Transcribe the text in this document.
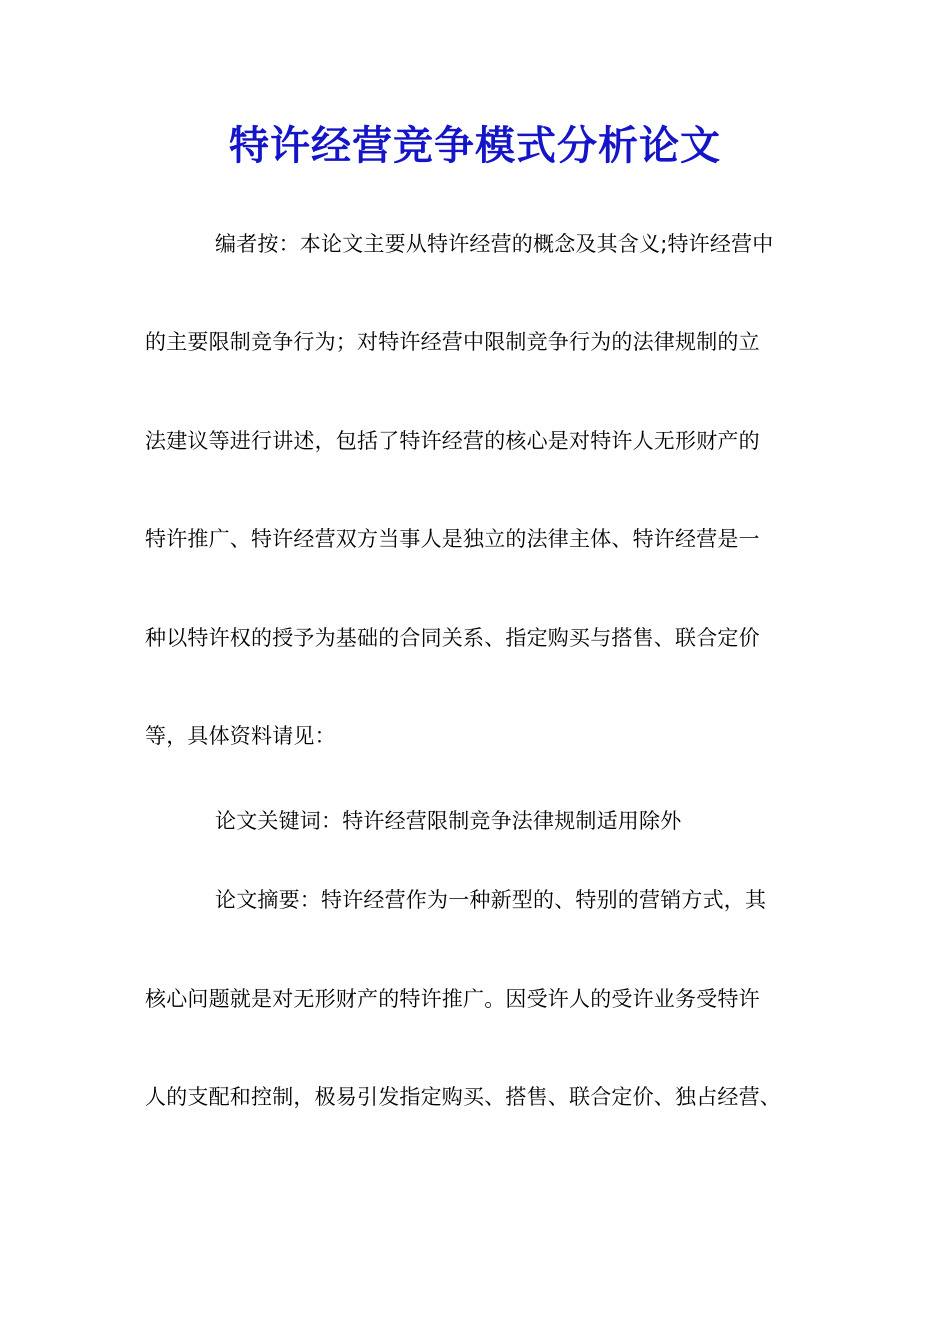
特许经营竞争模式分析论文
编者按：本论文主要从特许经营的概念及其含义;特许经营中
的主要限制竞争行为；对特许经营中限制竞争行为的法律规制的立
法建议等进行讲述，包括了特许经营的核心是对特许人无形财产的
特许推广、特许经营双方当事人是独立的法律主体、特许经营是一
种以特许权的授予为基础的合同关系、指定购买与搭售、联合定价
等，具体资料请见：
论文关键词：特许经营限制竞争法律规制适用除外
论文摘要：特许经营作为一种新型的、特别的营销方式，其
核心问题就是对无形财产的特许推广。因受许人的受许业务受特许
人的支配和控制，极易引发指定购买、搭售、联合定价、独占经营、
